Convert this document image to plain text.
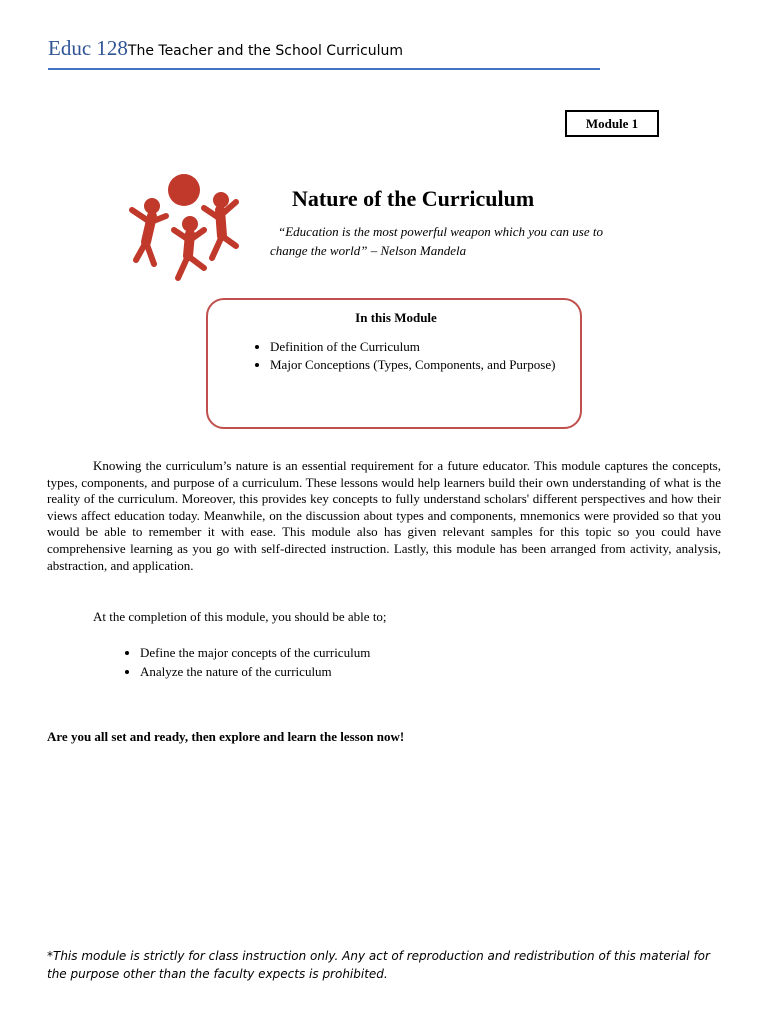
Educ 128The Teacher and the School Curriculum
Module 1
Nature of the Curriculum

“Education is the most powerful weapon which you can use to change the world” – Nelson Mandela

In this Module
• Definition of the Curriculum
• Major Conceptions (Types, Components, and Purpose)

Knowing the curriculum’s nature is an essential requirement for a future educator. This module captures the concepts, types, components, and purpose of a curriculum. These lessons would help learners build their own understanding of what is the reality of the curriculum. Moreover, this provides key concepts to fully understand scholars' different perspectives and how their views affect education today. Meanwhile, on the discussion about types and components, mnemonics were provided so that you would be able to remember it with ease. This module also has given relevant samples for this topic so you could have comprehensive learning as you go with self-directed instruction. Lastly, this module has been arranged from activity, analysis, abstraction, and application.

At the completion of this module, you should be able to;

• Define the major concepts of the curriculum
• Analyze the nature of the curriculum

Are you all set and ready, then explore and learn the lesson now!

*This module is strictly for class instruction only. Any act of reproduction and redistribution of this material for the purpose other than the faculty expects is prohibited.
